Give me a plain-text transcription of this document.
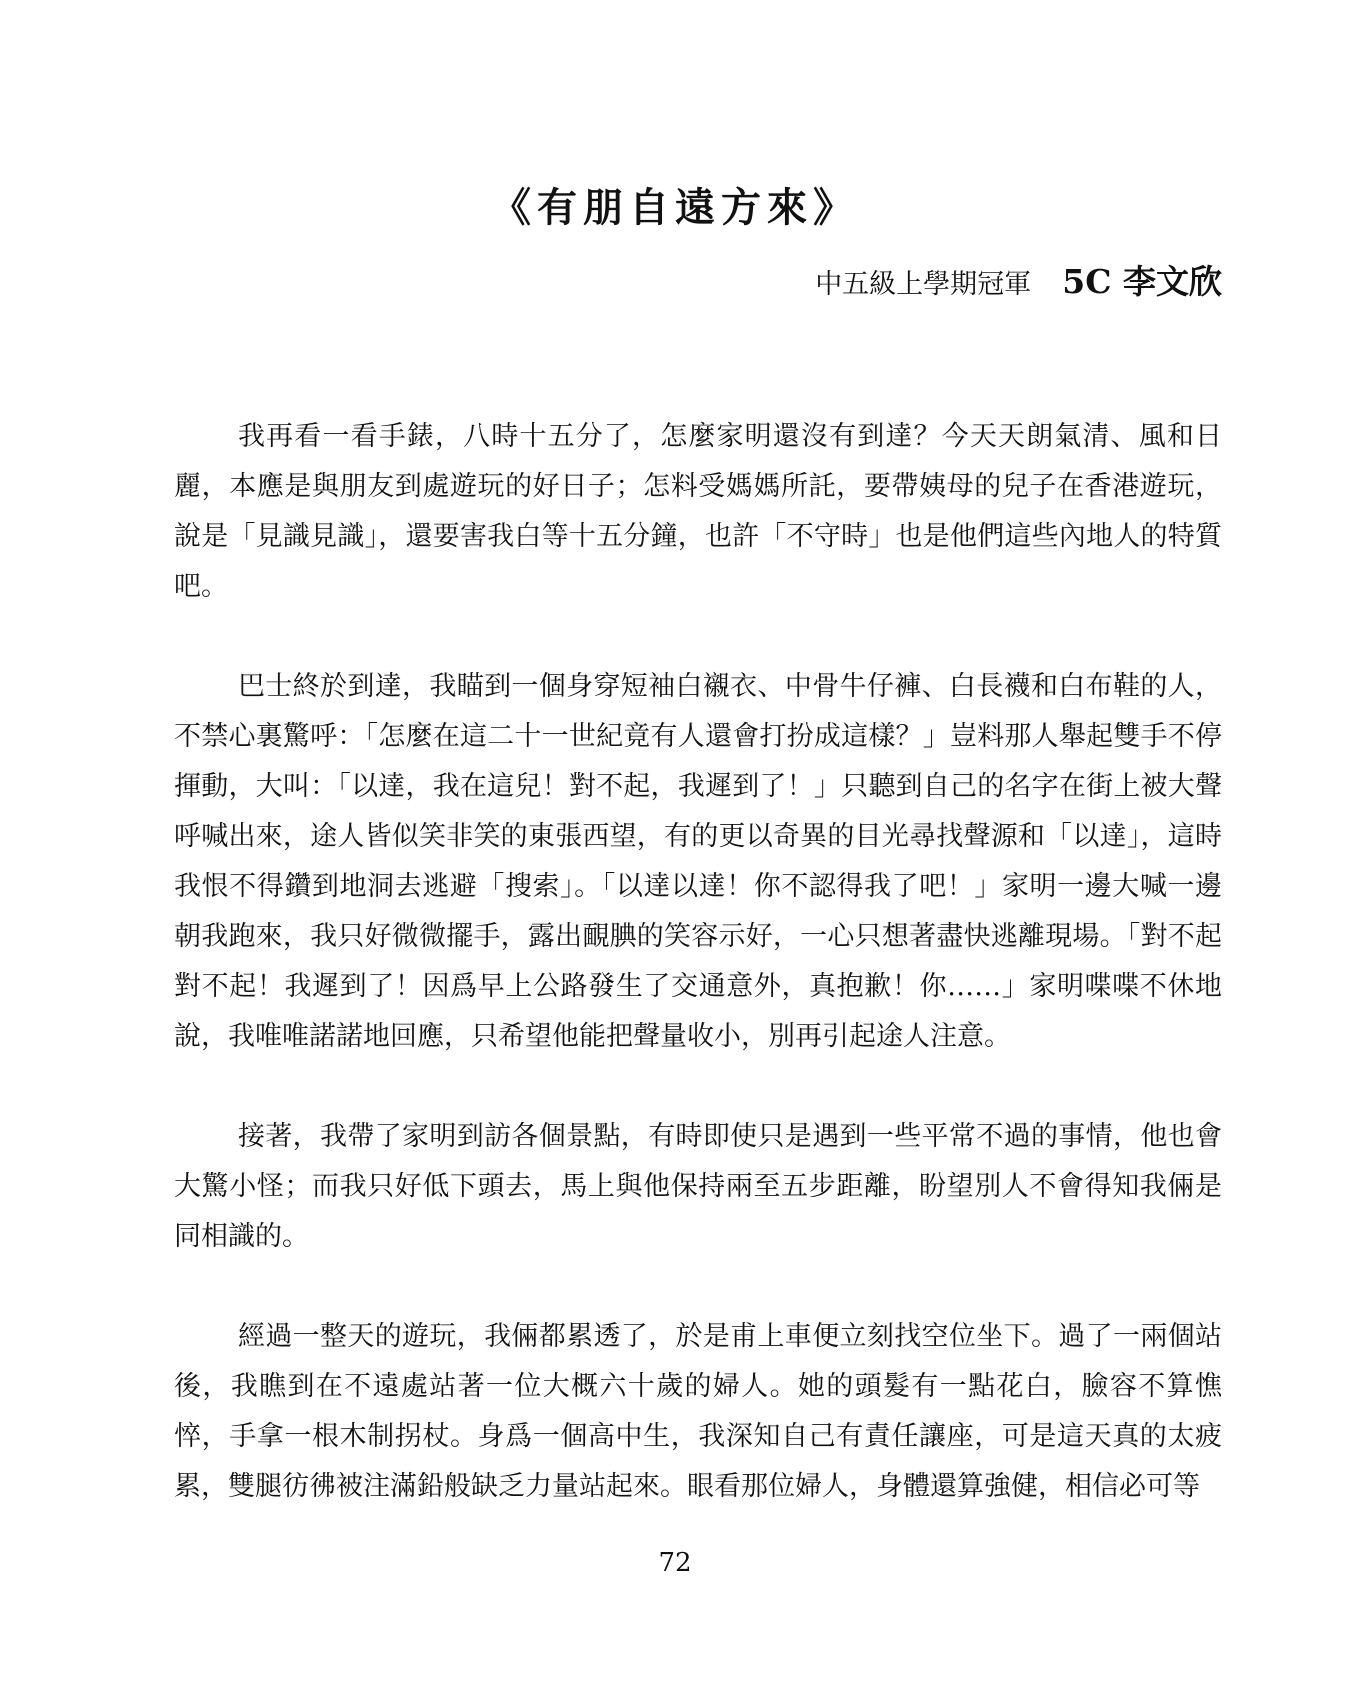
《有朋自遠方來》
中五級上學期冠軍 5C 李文欣

我再看一看手錶，八時十五分了，怎麼家明還沒有到達？今天天朗氣清、風和日麗，本應是與朋友到處遊玩的好日子；怎料受媽媽所託，要帶姨母的兒子在香港遊玩，說是「見識見識」，還要害我白等十五分鐘，也許「不守時」也是他們這些內地人的特質吧。

巴士終於到達，我瞄到一個身穿短袖白襯衣、中骨牛仔褲、白長襪和白布鞋的人，不禁心裏驚呼：「怎麼在這二十一世紀竟有人還會打扮成這樣？」豈料那人舉起雙手不停揮動，大叫：「以達，我在這兒！對不起，我遲到了！」只聽到自己的名字在街上被大聲呼喊出來，途人皆似笑非笑的東張西望，有的更以奇異的目光尋找聲源和「以達」，這時我恨不得鑽到地洞去逃避「搜索」。「以達以達！你不認得我了吧！」家明一邊大喊一邊朝我跑來，我只好微微擺手，露出靦腆的笑容示好，一心只想著盡快逃離現場。「對不起對不起！我遲到了！因爲早上公路發生了交通意外，真抱歉！你……」家明喋喋不休地說，我唯唯諾諾地回應，只希望他能把聲量收小，別再引起途人注意。

接著，我帶了家明到訪各個景點，有時即使只是遇到一些平常不過的事情，他也會大驚小怪；而我只好低下頭去，馬上與他保持兩至五步距離，盼望別人不會得知我倆是同相識的。

經過一整天的遊玩，我倆都累透了，於是甫上車便立刻找空位坐下。過了一兩個站後，我瞧到在不遠處站著一位大概六十歲的婦人。她的頭髮有一點花白，臉容不算憔悴，手拿一根木制拐杖。身爲一個高中生，我深知自己有責任讓座，可是這天真的太疲累，雙腿彷彿被注滿鉛般缺乏力量站起來。眼看那位婦人，身體還算強健，相信必可等

72
